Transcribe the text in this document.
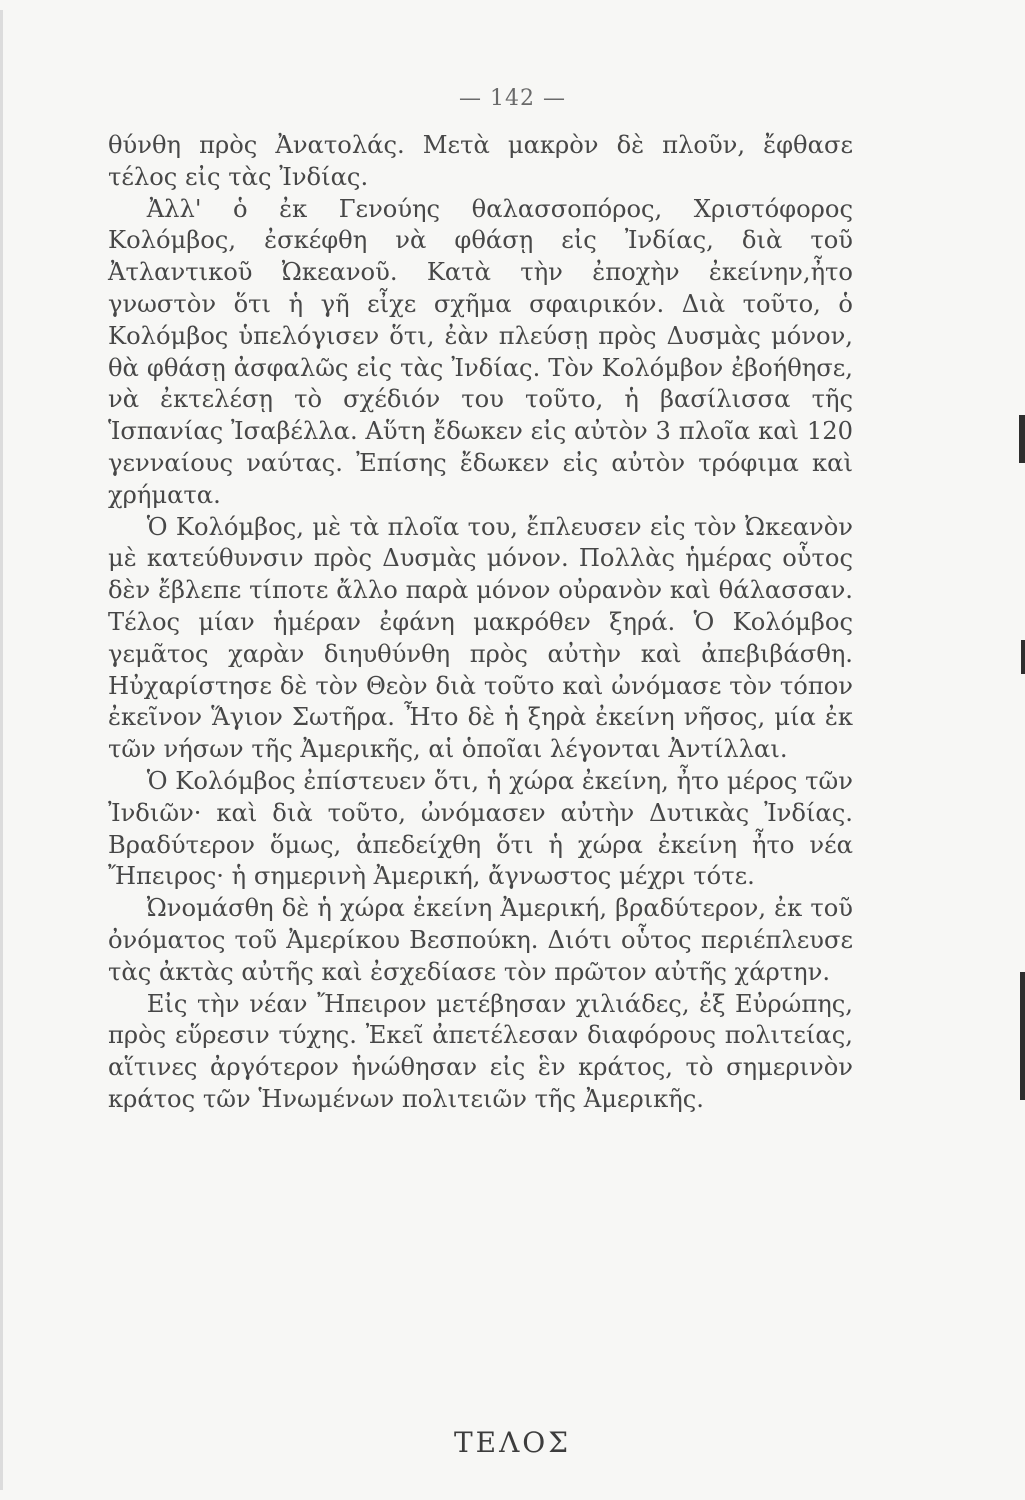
— 142 —

θύνθη πρὸς Ἀνατολάς. Μετὰ μακρὸν δὲ πλοῦν, ἔφθασε τέλος εἰς τὰς Ἰνδίας.

Ἀλλ' ὁ ἐκ Γενούης θαλασσοπόρος, Χριστόφορος Κολόμβος, ἐσκέφθη νὰ φθάσῃ εἰς Ἰνδίας, διὰ τοῦ Ἀτλαντικοῦ Ὠκεανοῦ. Κατὰ τὴν ἐποχὴν ἐκείνην,ἦτο γνωστὸν ὅτι ἡ γῆ εἶχε σχῆμα σφαιρικόν. Διὰ τοῦτο, ὁ Κολόμβος ὑπελόγισεν ὅτι, ἐὰν πλεύσῃ πρὸς Δυσμὰς μόνον, θὰ φθάσῃ ἀσφαλῶς εἰς τὰς Ἰνδίας. Τὸν Κολόμβον ἐβοήθησε, νὰ ἐκτελέσῃ τὸ σχέδιόν του τοῦτο, ἡ βασίλισσα τῆς Ἱσπανίας Ἰσαβέλλα. Αὕτη ἔδωκεν εἰς αὐτὸν 3 πλοῖα καὶ 120 γενναίους ναύτας. Ἐπίσης ἔδωκεν εἰς αὐτὸν τρόφιμα καὶ χρήματα.

Ὁ Κολόμβος, μὲ τὰ πλοῖα του, ἔπλευσεν εἰς τὸν Ὠκεανὸν μὲ κατεύθυνσιν πρὸς Δυσμὰς μόνον. Πολλὰς ἡμέρας οὗτος δὲν ἔβλεπε τίποτε ἄλλο παρὰ μόνον οὐρανὸν καὶ θάλασσαν. Τέλος μίαν ἡμέραν ἐφάνη μακρόθεν ξηρά. Ὁ Κολόμβος γεμᾶτος χαρὰν διηυθύνθη πρὸς αὐτὴν καὶ ἀπεβιβάσθη. Ηὐχαρίστησε δὲ τὸν Θεὸν διὰ τοῦτο καὶ ὠνόμασε τὸν τόπον ἐκεῖνον Ἅγιον Σωτῆρα. Ἦτο δὲ ἡ ξηρὰ ἐκείνη νῆσος, μία ἐκ τῶν νήσων τῆς Ἀμερικῆς, αἱ ὁποῖαι λέγονται Ἀντίλλαι.

Ὁ Κολόμβος ἐπίστευεν ὅτι, ἡ χώρα ἐκείνη, ἦτο μέρος τῶν Ἰνδιῶν· καὶ διὰ τοῦτο, ὠνόμασεν αὐτὴν Δυτικὰς Ἰνδίας. Βραδύτερον ὅμως, ἀπεδείχθη ὅτι ἡ χώρα ἐκείνη ἦτο νέα Ἤπειρος· ἡ σημερινὴ Ἀμερική, ἄγνωστος μέχρι τότε.

Ὠνομάσθη δὲ ἡ χώρα ἐκείνη Ἀμερική, βραδύτερον, ἐκ τοῦ ὀνόματος τοῦ Ἀμερίκου Βεσπούκη. Διότι οὗτος περιέπλευσε τὰς ἀκτὰς αὐτῆς καὶ ἐσχεδίασε τὸν πρῶτον αὐτῆς χάρτην.

Εἰς τὴν νέαν Ἤπειρον μετέβησαν χιλιάδες, ἐξ Εὐρώπης, πρὸς εὕρεσιν τύχης. Ἐκεῖ ἀπετέλεσαν διαφόρους πολιτείας, αἵτινες ἀργότερον ἡνώθησαν εἰς ἓν κράτος, τὸ σημερινὸν κράτος τῶν Ἡνωμένων πολιτειῶν τῆς Ἀμερικῆς.

ΤΕΛΟΣ
